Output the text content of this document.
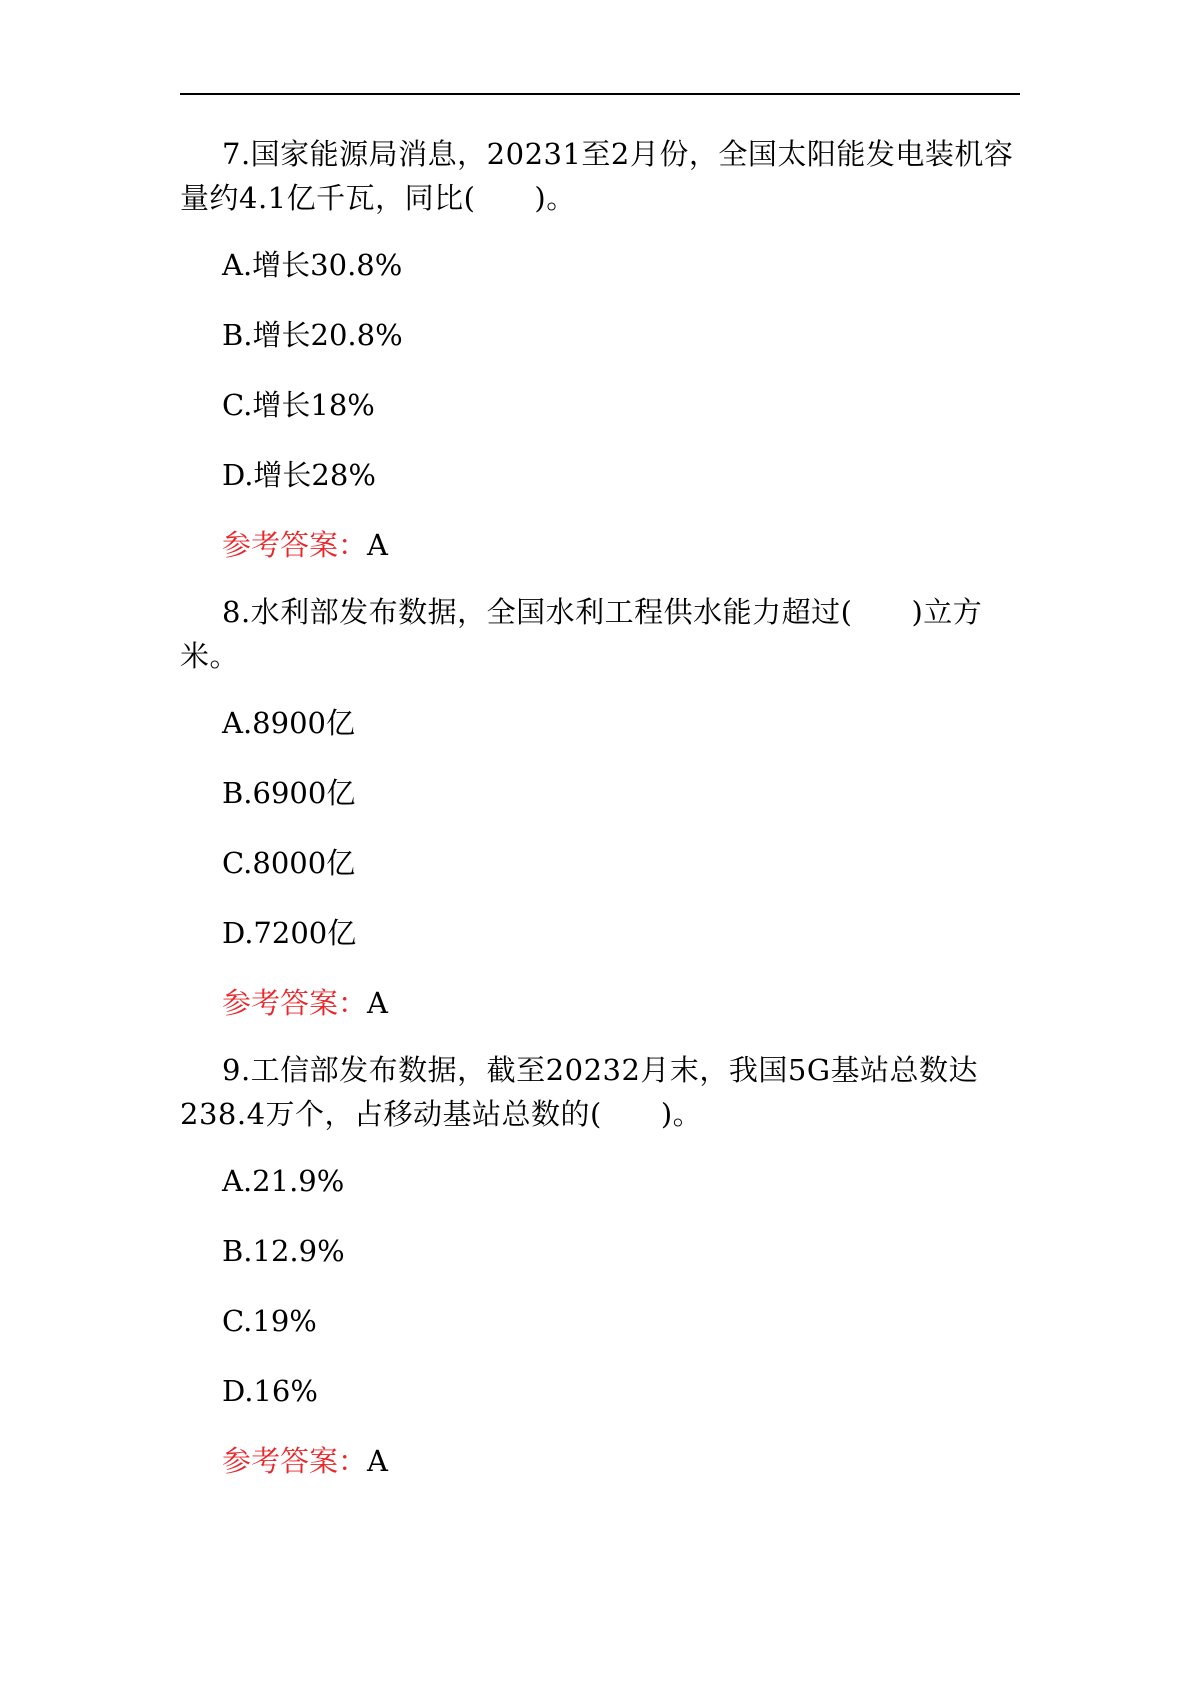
7.国家能源局消息，20231至2月份，全国太阳能发电装机容量约4.1亿千瓦，同比(　　)。

A.增长30.8%

B.增长20.8%

C.增长18%

D.增长28%

参考答案：A

8.水利部发布数据，全国水利工程供水能力超过(　　)立方米。

A.8900亿

B.6900亿

C.8000亿

D.7200亿

参考答案：A

9.工信部发布数据，截至20232月末，我国5G基站总数达238.4万个，占移动基站总数的(　　)。

A.21.9%

B.12.9%

C.19%

D.16%

参考答案：A
